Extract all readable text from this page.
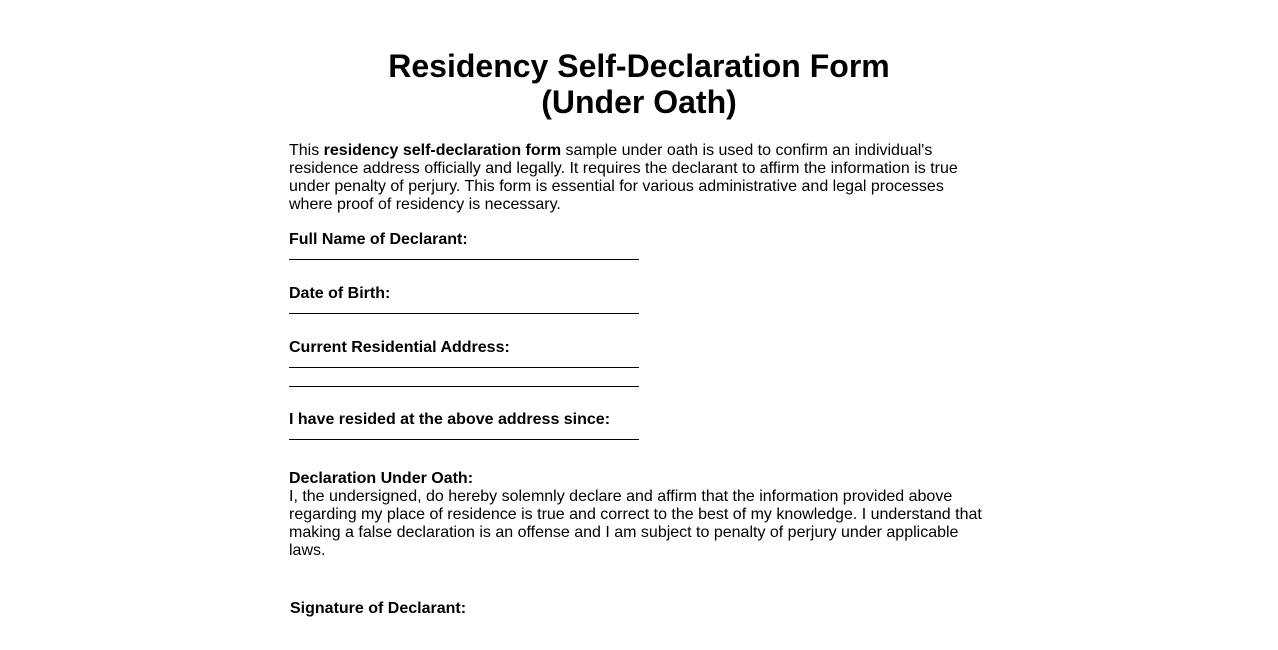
Residency Self-Declaration Form
(Under Oath)

This residency self-declaration form sample under oath is used to confirm an individual's residence address officially and legally. It requires the declarant to affirm the information is true under penalty of perjury. This form is essential for various administrative and legal processes where proof of residency is necessary.

Full Name of Declarant:
Date of Birth:
Current Residential Address:
I have resided at the above address since:
Declaration Under Oath:
I, the undersigned, do hereby solemnly declare and affirm that the information provided above regarding my place of residence is true and correct to the best of my knowledge. I understand that making a false declaration is an offense and I am subject to penalty of perjury under applicable laws.
Signature of Declarant:
